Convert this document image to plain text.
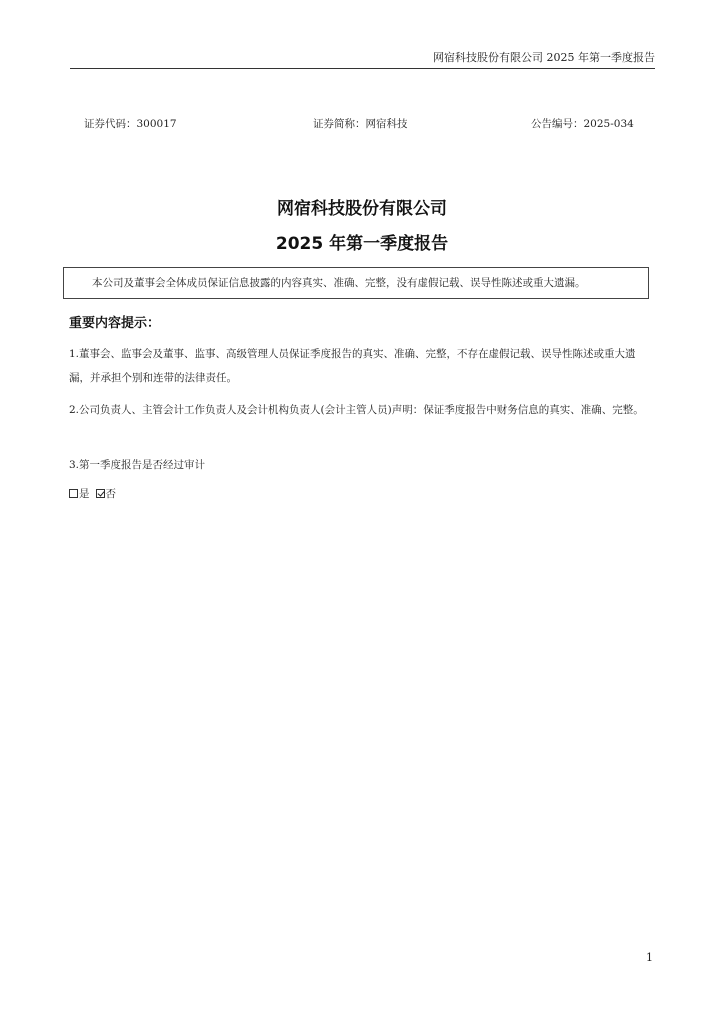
网宿科技股份有限公司 2025 年第一季度报告
证券代码：300017	证券简称：网宿科技	公告编号：2025-034
网宿科技股份有限公司
2025 年第一季度报告
本公司及董事会全体成员保证信息披露的内容真实、准确、完整，没有虚假记载、误导性陈述或重大遗漏。
重要内容提示：
1.董事会、监事会及董事、监事、高级管理人员保证季度报告的真实、准确、完整，不存在虚假记载、误导性陈述或重大遗漏，并承担个别和连带的法律责任。
2.公司负责人、主管会计工作负责人及会计机构负责人(会计主管人员)声明：保证季度报告中财务信息的真实、准确、完整。
3.第一季度报告是否经过审计
是 否
1
